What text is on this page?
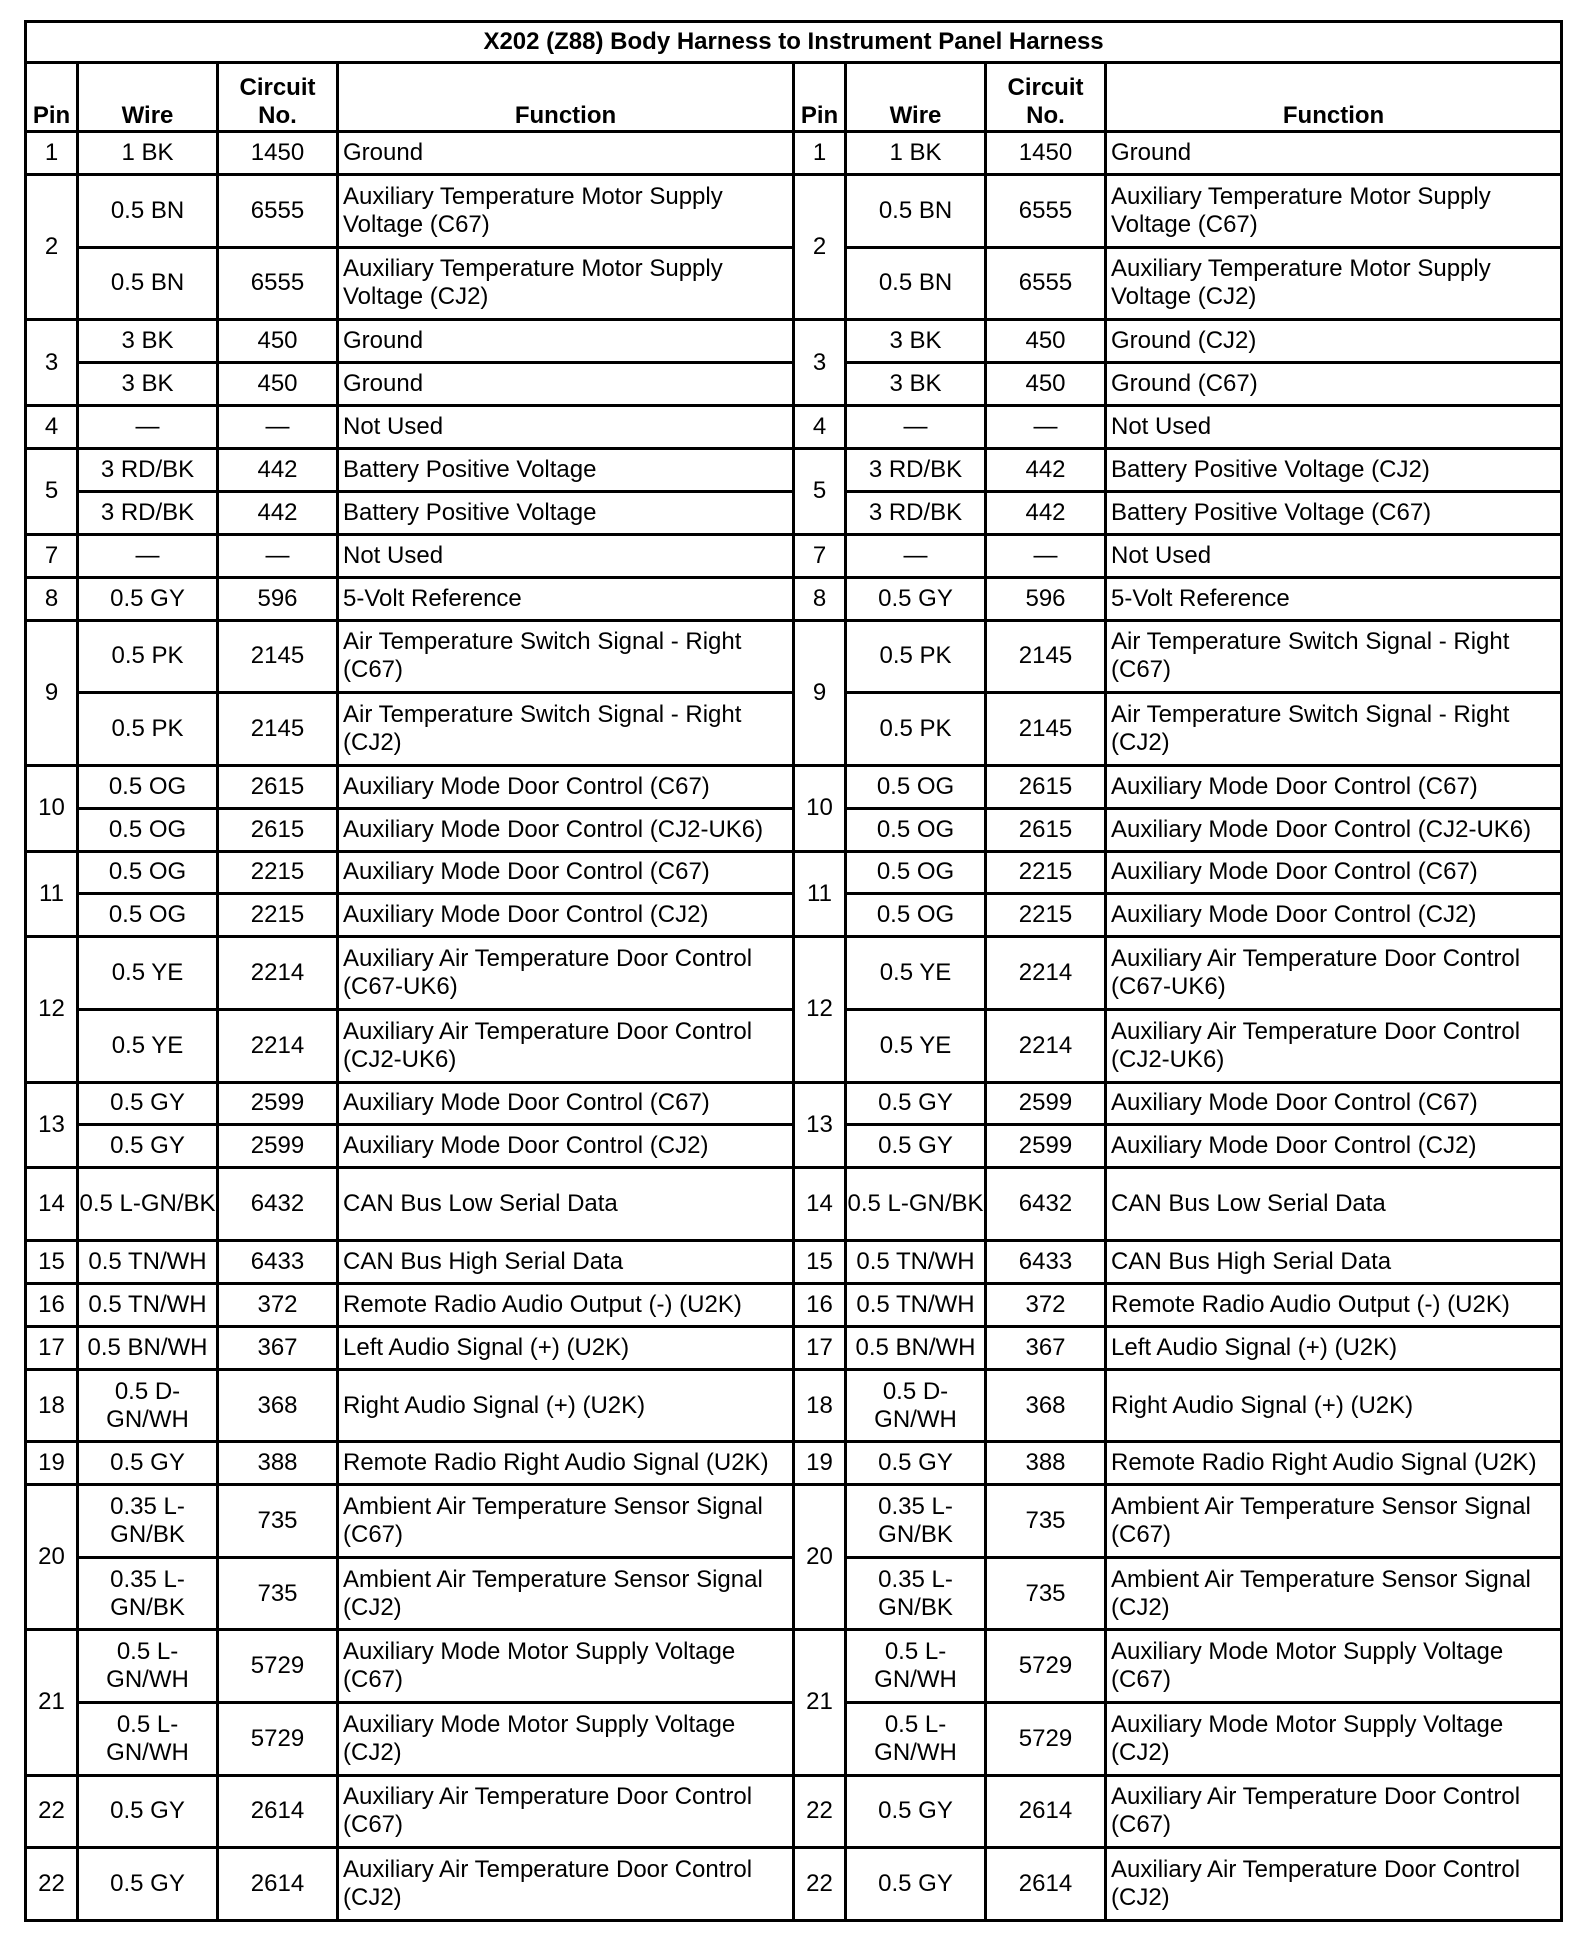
X202 (Z88) Body Harness to Instrument Panel Harness							
Pin	Wire	Circuit No.	Function	Pin	Wire	Circuit No.	Function
1	1 BK	1450	Ground	1	1 BK	1450	Ground
2	0.5 BN	6555	Auxiliary Temperature Motor Supply Voltage (C67)	2	0.5 BN	6555	Auxiliary Temperature Motor Supply Voltage (C67)
	0.5 BN	6555	Auxiliary Temperature Motor Supply Voltage (CJ2)		0.5 BN	6555	Auxiliary Temperature Motor Supply Voltage (CJ2)
3	3 BK	450	Ground	3	3 BK	450	Ground (CJ2)
	3 BK	450	Ground		3 BK	450	Ground (C67)
4	—	—	Not Used	4	—	—	Not Used
5	3 RD/BK	442	Battery Positive Voltage	5	3 RD/BK	442	Battery Positive Voltage (CJ2)
	3 RD/BK	442	Battery Positive Voltage		3 RD/BK	442	Battery Positive Voltage (C67)
7	—	—	Not Used	7	—	—	Not Used
8	0.5 GY	596	5-Volt Reference	8	0.5 GY	596	5-Volt Reference
9	0.5 PK	2145	Air Temperature Switch Signal - Right (C67)	9	0.5 PK	2145	Air Temperature Switch Signal - Right (C67)
	0.5 PK	2145	Air Temperature Switch Signal - Right (CJ2)		0.5 PK	2145	Air Temperature Switch Signal - Right (CJ2)
10	0.5 OG	2615	Auxiliary Mode Door Control (C67)	10	0.5 OG	2615	Auxiliary Mode Door Control (C67)
	0.5 OG	2615	Auxiliary Mode Door Control (CJ2-UK6)		0.5 OG	2615	Auxiliary Mode Door Control (CJ2-UK6)
11	0.5 OG	2215	Auxiliary Mode Door Control (C67)	11	0.5 OG	2215	Auxiliary Mode Door Control (C67)
	0.5 OG	2215	Auxiliary Mode Door Control (CJ2)		0.5 OG	2215	Auxiliary Mode Door Control (CJ2)
12	0.5 YE	2214	Auxiliary Air Temperature Door Control (C67-UK6)	12	0.5 YE	2214	Auxiliary Air Temperature Door Control (C67-UK6)
	0.5 YE	2214	Auxiliary Air Temperature Door Control (CJ2-UK6)		0.5 YE	2214	Auxiliary Air Temperature Door Control (CJ2-UK6)
13	0.5 GY	2599	Auxiliary Mode Door Control (C67)	13	0.5 GY	2599	Auxiliary Mode Door Control (C67)
	0.5 GY	2599	Auxiliary Mode Door Control (CJ2)		0.5 GY	2599	Auxiliary Mode Door Control (CJ2)
14	0.5 L-GN/BK	6432	CAN Bus Low Serial Data	14	0.5 L-GN/BK	6432	CAN Bus Low Serial Data
15	0.5 TN/WH	6433	CAN Bus High Serial Data	15	0.5 TN/WH	6433	CAN Bus High Serial Data
16	0.5 TN/WH	372	Remote Radio Audio Output (-) (U2K)	16	0.5 TN/WH	372	Remote Radio Audio Output (-) (U2K)
17	0.5 BN/WH	367	Left Audio Signal (+) (U2K)	17	0.5 BN/WH	367	Left Audio Signal (+) (U2K)
18	0.5 D-GN/WH	368	Right Audio Signal (+) (U2K)	18	0.5 D-GN/WH	368	Right Audio Signal (+) (U2K)
19	0.5 GY	388	Remote Radio Right Audio Signal (U2K)	19	0.5 GY	388	Remote Radio Right Audio Signal (U2K)
20	0.35 L-GN/BK	735	Ambient Air Temperature Sensor Signal (C67)	20	0.35 L-GN/BK	735	Ambient Air Temperature Sensor Signal (C67)
	0.35 L-GN/BK	735	Ambient Air Temperature Sensor Signal (CJ2)		0.35 L-GN/BK	735	Ambient Air Temperature Sensor Signal (CJ2)
21	0.5 L-GN/WH	5729	Auxiliary Mode Motor Supply Voltage (C67)	21	0.5 L-GN/WH	5729	Auxiliary Mode Motor Supply Voltage (C67)
	0.5 L-GN/WH	5729	Auxiliary Mode Motor Supply Voltage (CJ2)		0.5 L-GN/WH	5729	Auxiliary Mode Motor Supply Voltage (CJ2)
22	0.5 GY	2614	Auxiliary Air Temperature Door Control (C67)	22	0.5 GY	2614	Auxiliary Air Temperature Door Control (C67)
22	0.5 GY	2614	Auxiliary Air Temperature Door Control (CJ2)	22	0.5 GY	2614	Auxiliary Air Temperature Door Control (CJ2)
